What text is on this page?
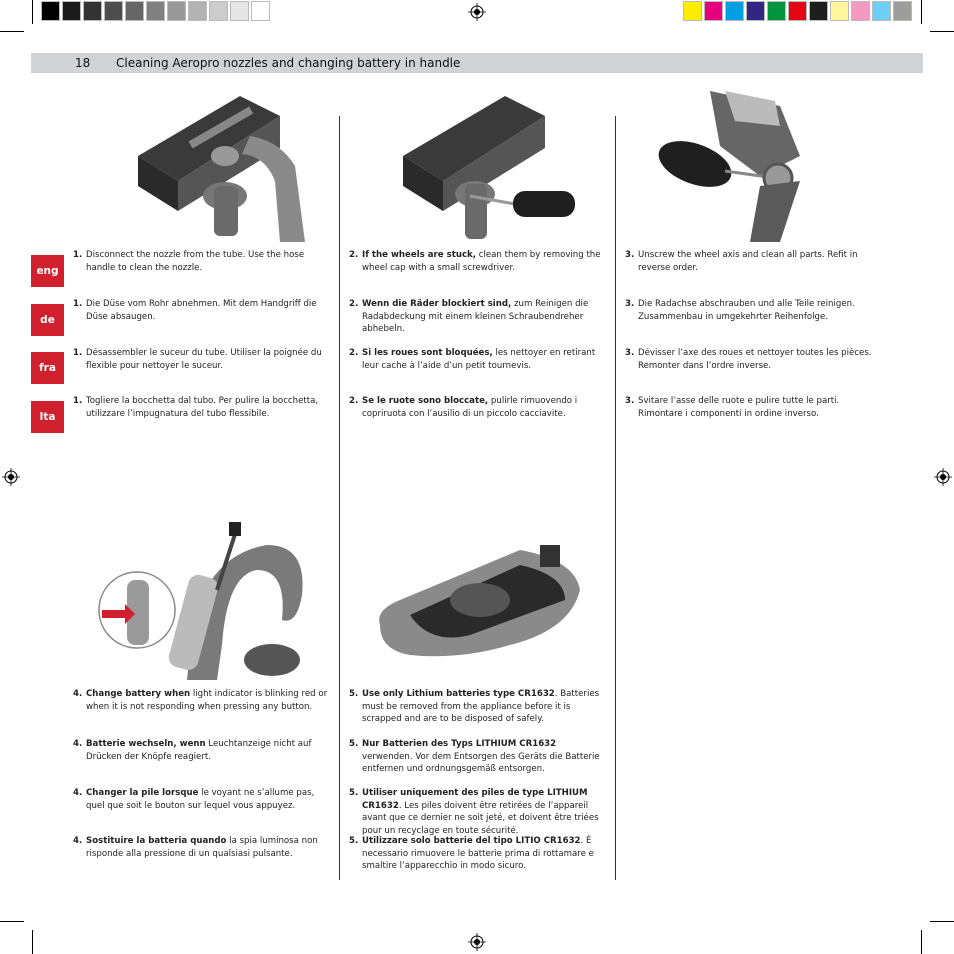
18 Cleaning Aeropro nozzles and changing battery in handle
eng
de
fra
Ita
1. Disconnect the nozzle from the tube. Use the hose handle to clean the nozzle.
1. Die Düse vom Rohr abnehmen. Mit dem Handgriff die Düse absaugen.
1. Désassembler le suceur du tube. Utiliser la poignée du flexible pour nettoyer le suceur.
1. Togliere la bocchetta dal tubo. Per pulire la bocchetta, utilizzare l’impugnatura del tubo flessibile.
2. If the wheels are stuck, clean them by removing the wheel cap with a small screwdriver.
2. Wenn die Räder blockiert sind, zum Reinigen die Radabdeckung mit einem kleinen Schraubendreher abhebeln.
2. Si les roues sont bloquées, les nettoyer en retirant leur cache à l’aide d’un petit tournevis.
2. Se le ruote sono bloccate, pulirle rimuovendo i copriruota con l’ausilio di un piccolo cacciavite.
3. Unscrew the wheel axis and clean all parts. Refit in reverse order.
3. Die Radachse abschrauben und alle Teile reinigen. Zusammenbau in umgekehrter Reihenfolge.
3. Dévisser l’axe des roues et nettoyer toutes les pièces. Remonter dans l’ordre inverse.
3. Svitare l’asse delle ruote e pulire tutte le parti. Rimontare i componenti in ordine inverso.
4. Change battery when light indicator is blinking red or when it is not responding when pressing any button.
4. Batterie wechseln, wenn Leuchtanzeige nicht auf Drücken der Knöpfe reagiert.
4. Changer la pile lorsque le voyant ne s’allume pas, quel que soit le bouton sur lequel vous appuyez.
4. Sostituire la batteria quando la spia luminosa non risponde alla pressione di un qualsiasi pulsante.
5. Use only Lithium batteries type CR1632. Batteries must be removed from the appliance before it is scrapped and are to be disposed of safely.
5. Nur Batterien des Typs LITHIUM CR1632 verwenden. Vor dem Entsorgen des Geräts die Batterie entfernen und ordnungsgemäß entsorgen.
5. Utiliser uniquement des piles de type LITHIUM CR1632. Les piles doivent être retirées de l’appareil avant que ce dernier ne soit jeté, et doivent être triées pour un recyclage en toute sécurité.
5. Utilizzare solo batterie del tipo LITIO CR1632. È necessario rimuovere le batterie prima di rottamare e smaltire l’apparecchio in modo sicuro.
